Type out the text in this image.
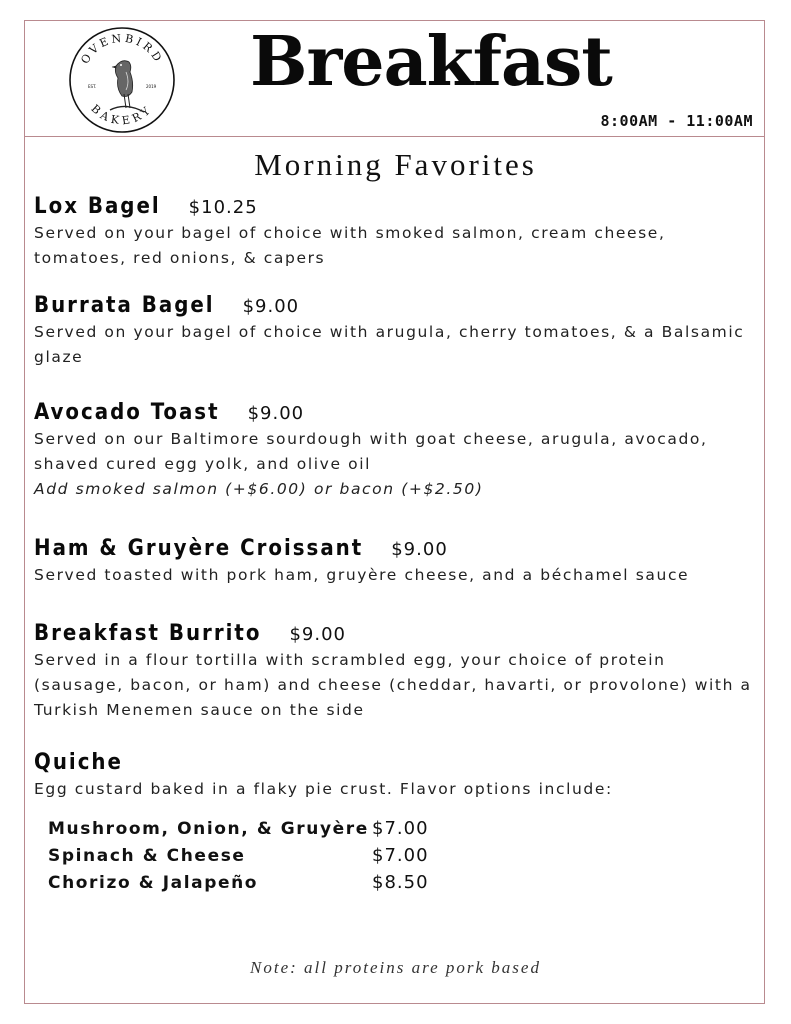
OVENBIRD
BAKERY
EST.	2019 Breakfast
8:00AM - 11:00AM
Morning Favorites
Lox Bagel $10.25
Served on your bagel of choice with smoked salmon, cream cheese,
tomatoes, red onions, & capers
Burrata Bagel $9.00
Served on your bagel of choice with arugula, cherry tomatoes, & a Balsamic
glaze
Avocado Toast $9.00
Served on our Baltimore sourdough with goat cheese, arugula, avocado,
shaved cured egg yolk, and olive oil
Add smoked salmon (+$6.00) or bacon (+$2.50)
Ham & Gruyère Croissant $9.00
Served toasted with pork ham, gruyère cheese, and a béchamel sauce
Breakfast Burrito $9.00
Served in a flour tortilla with scrambled egg, your choice of protein
(sausage, bacon, or ham) and cheese (cheddar, havarti, or provolone) with a
Turkish Menemen sauce on the side
Quiche
Egg custard baked in a flaky pie crust. Flavor options include:
Mushroom, Onion, & Gruyère $7.00
Spinach & Cheese	$7.00
Chorizo & Jalapeño	$8.50
Note: all proteins are pork based
